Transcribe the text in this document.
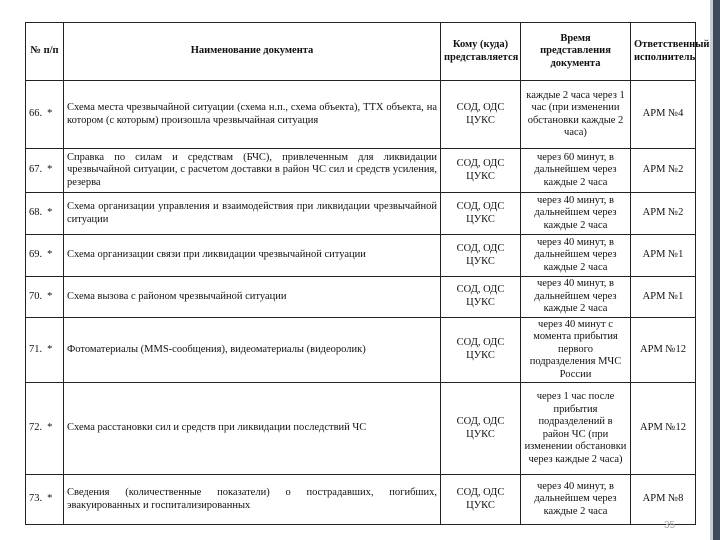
№ п/п	Наименование документа	Кому (куда) представляется	Время представления документа	Ответственный исполнитель
66. *	Схема места чрезвычайной ситуации (схема н.п., схема объекта), ТТХ объекта, на котором (с которым) произошла чрезвычайная ситуация	СОД, ОДС ЦУКС	каждые 2 часа через 1 час (при изменении обстановки каждые 2 часа)	АРМ №4
67. *	Справка по силам и средствам (БЧС), привлеченным для ликвидации чрезвычайной ситуации, с расчетом доставки в район ЧС сил и средств усиления, резерва	СОД, ОДС ЦУКС	через 60 минут, в дальнейшем через каждые 2 часа	АРМ №2
68. *	Схема организации управления и взаимодействия при ликвидации чрезвычайной ситуации	СОД, ОДС ЦУКС	через 40 минут, в дальнейшем через каждые 2 часа	АРМ №2
69. *	Схема организации связи при ликвидации чрезвычайной ситуации	СОД, ОДС ЦУКС	через 40 минут, в дальнейшем через каждые 2 часа	АРМ №1
70. *	Схема вызова с районом чрезвычайной ситуации	СОД, ОДС ЦУКС	через 40 минут, в дальнейшем через каждые 2 часа	АРМ №1
71. *	Фотоматериалы (MMS-сообщения), видеоматериалы (видеоролик)	СОД, ОДС ЦУКС	через 40 минут с момента прибытия первого подразделения МЧС России	АРМ №12
72. *	Схема расстановки сил и средств при ликвидации последствий ЧС	СОД, ОДС ЦУКС	через 1 час после прибытия подразделений в район ЧС (при изменении обстановки через каждые 2 часа)	АРМ №12
73. *	Сведения (количественные показатели) о пострадавших, погибших, эвакуированных и госпитализированных	СОД, ОДС ЦУКС	через 40 минут, в дальнейшем через каждые 2 часа	АРМ №8
35
